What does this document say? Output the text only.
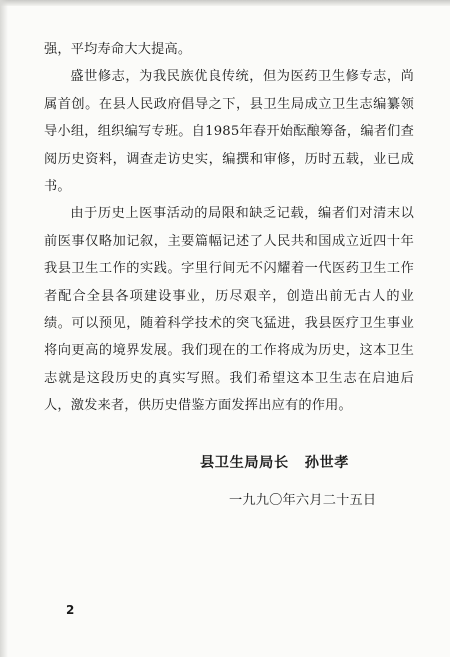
强，平均寿命大大提高。

盛世修志，为我民族优良传统，但为医药卫生修专志，尚属首创。在县人民政府倡导之下，县卫生局成立卫生志编纂领导小组，组织编写专班。自1985年春开始酝酿筹备，编者们查阅历史资料，调查走访史实，编撰和审修，历时五载，业已成书。

由于历史上医事活动的局限和缺乏记载，编者们对清末以前医事仅略加记叙，主要篇幅记述了人民共和国成立近四十年我县卫生工作的实践。字里行间无不闪耀着一代医药卫生工作者配合全县各项建设事业，历尽艰辛，创造出前无古人的业绩。可以预见，随着科学技术的突飞猛进，我县医疗卫生事业将向更高的境界发展。我们现在的工作将成为历史，这本卫生志就是这段历史的真实写照。我们希望这本卫生志在启迪后人，激发来者，供历史借鉴方面发挥出应有的作用。

县卫生局局长 孙世孝
一九九〇年六月二十五日
2
